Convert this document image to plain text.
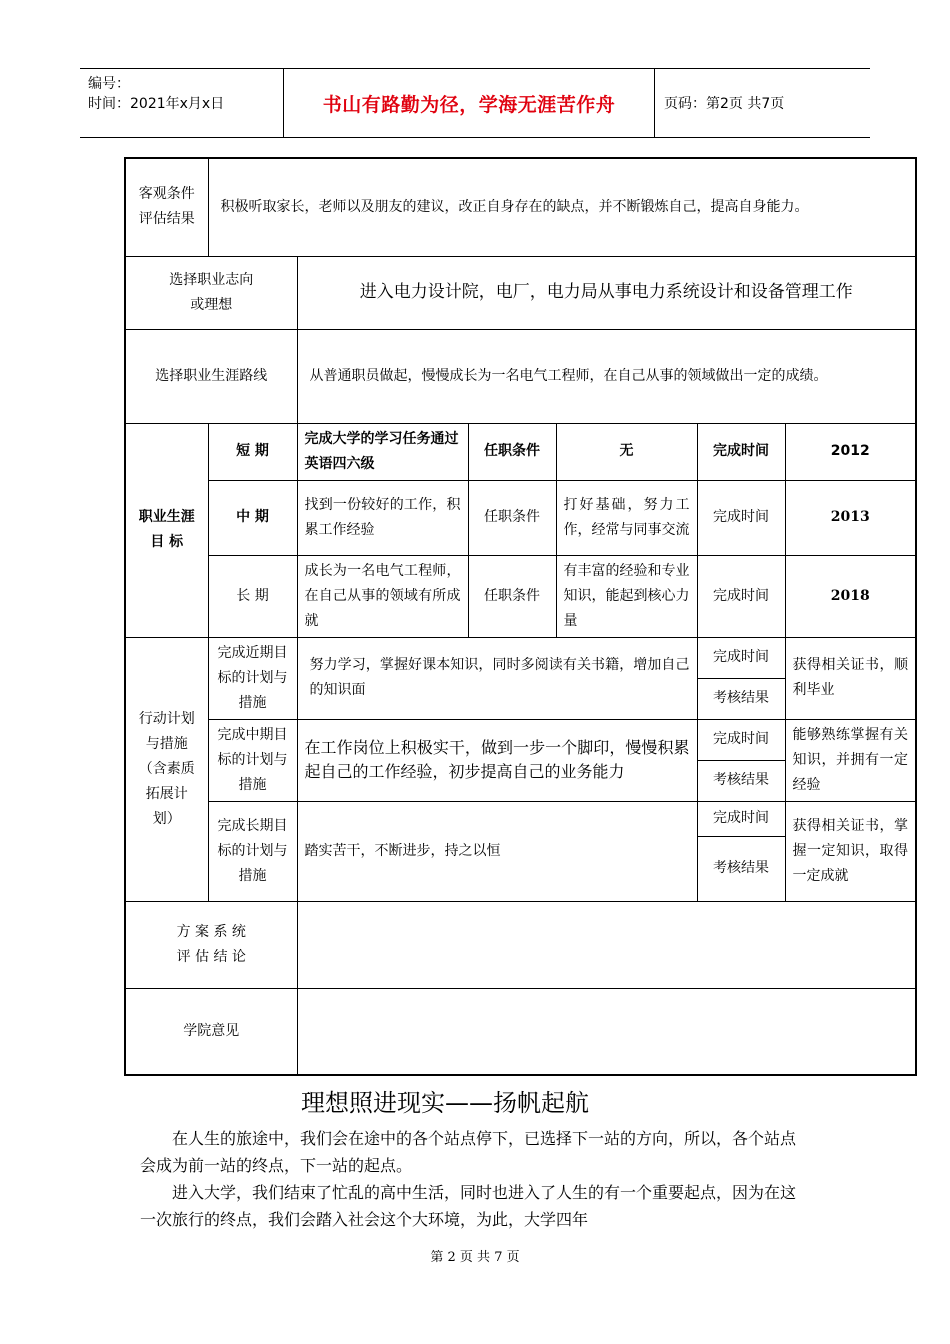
编号：
时间：2021年x月x日	书山有路勤为径，学海无涯苦作舟	页码：第2页 共7页
客观条件
评估结果	积极听取家长，老师以及朋友的建议，改正自身存在的缺点，并不断锻炼自己，提高自身能力。					
选择职业志向
或理想		进入电力设计院，电厂，电力局从事电力系统设计和设备管理工作				
选择职业生涯路线		从普通职员做起，慢慢成长为一名电气工程师，在自己从事的领域做出一定的成绩。				
职业生涯
目 标	短 期	完成大学的学习任务通过英语四六级	任职条件	无	完成时间	2012
	中 期	找到一份较好的工作，积累工作经验	任职条件	打好基础，努力工作，经常与同事交流	完成时间	2013
	长 期	成长为一名电气工程师，在自己从事的领域有所成就	任职条件	有丰富的经验和专业知识，能起到核心力量	完成时间	2018
行动计划与措施（含素质拓展计划）	完成近期目标的计划与措施	努力学习，掌握好课本知识，同时多阅读有关书籍，增加自己的知识面			完成时间	获得相关证书，顺利毕业
					考核结果	
	完成中期目标的计划与措施	在工作岗位上积极实干，做到一步一个脚印，慢慢积累起自己的工作经验，初步提高自己的业务能力			完成时间	能够熟练掌握有关知识，并拥有一定经验
					考核结果	
	完成长期目标的计划与措施	踏实苦干，不断进步，持之以恒			完成时间	获得相关证书，掌握一定知识，取得一定成就
					考核结果	
方 案 系 统
评 估 结 论						
学院意见						
理想照进现实——扬帆起航
在人生的旅途中，我们会在途中的各个站点停下，已选择下一站的方向，所以，各个站点会成为前一站的终点，下一站的起点。
进入大学，我们结束了忙乱的高中生活，同时也进入了人生的有一个重要起点，因为在这一次旅行的终点，我们会踏入社会这个大环境，为此，大学四年
第 2 页 共 7 页
